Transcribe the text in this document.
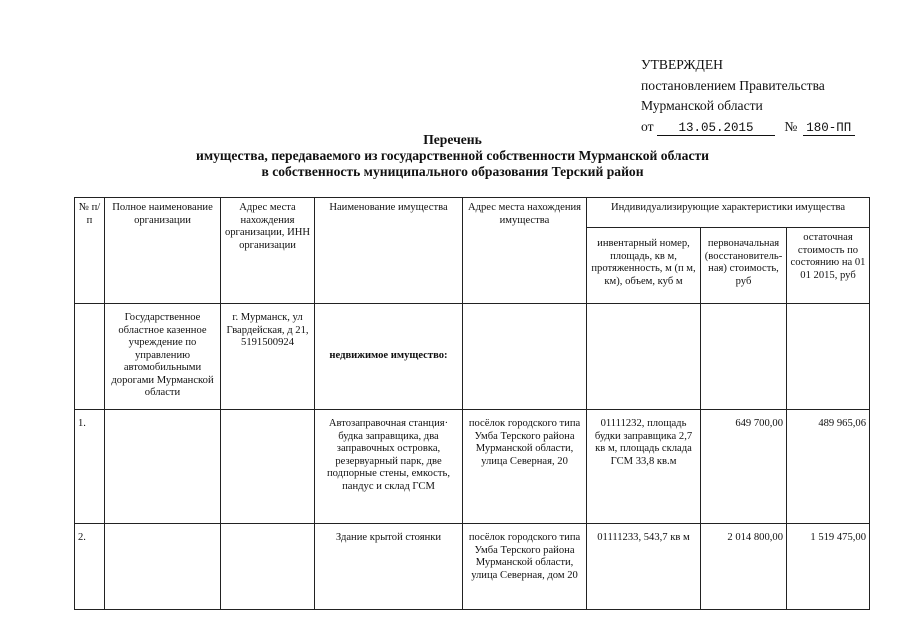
УТВЕРЖДЕН
постановлением Правительства
Мурманской области
от 13.05.2015 № 180-ПП
Перечень
имущества, передаваемого из государственной собственности Мурманской области
в собственность муниципального образования Терский район
№ п/п	Полное наименование организации	Адрес места нахождения организации, ИНН организации	Наименование имущества	Адрес места нахождения имущества	Индивидуализирующие характеристики имущества		
					инвентарный номер, площадь, кв м, протяженность, м (п м, км), объем, куб м	первоначальная (восстановитель-ная) стоимость, руб	остаточная стоимость по состоянию на 01 01 2015, руб
	Государственное областное казенное учреждение по управлению автомобильными дорогами Мурманской области	г. Мурманск, ул Гвардейская, д 21, 5191500924	недвижимое имущество:				
1.			Автозаправочная станция· будка заправщика, два заправочных островка, резервуарный парк, две подпорные стены, емкость, пандус и склад ГСМ	посёлок городского типа Умба Терского района Мурманской области, улица Северная, 20	01111232, площадь будки заправщика 2,7 кв м, площадь склада ГСМ 33,8 кв.м	649 700,00	489 965,06
2.			Здание крытой стоянки	посёлок городского типа Умба Терского района Мурманской области, улица Северная, дом 20	01111233, 543,7 кв м	2 014 800,00	1 519 475,00
